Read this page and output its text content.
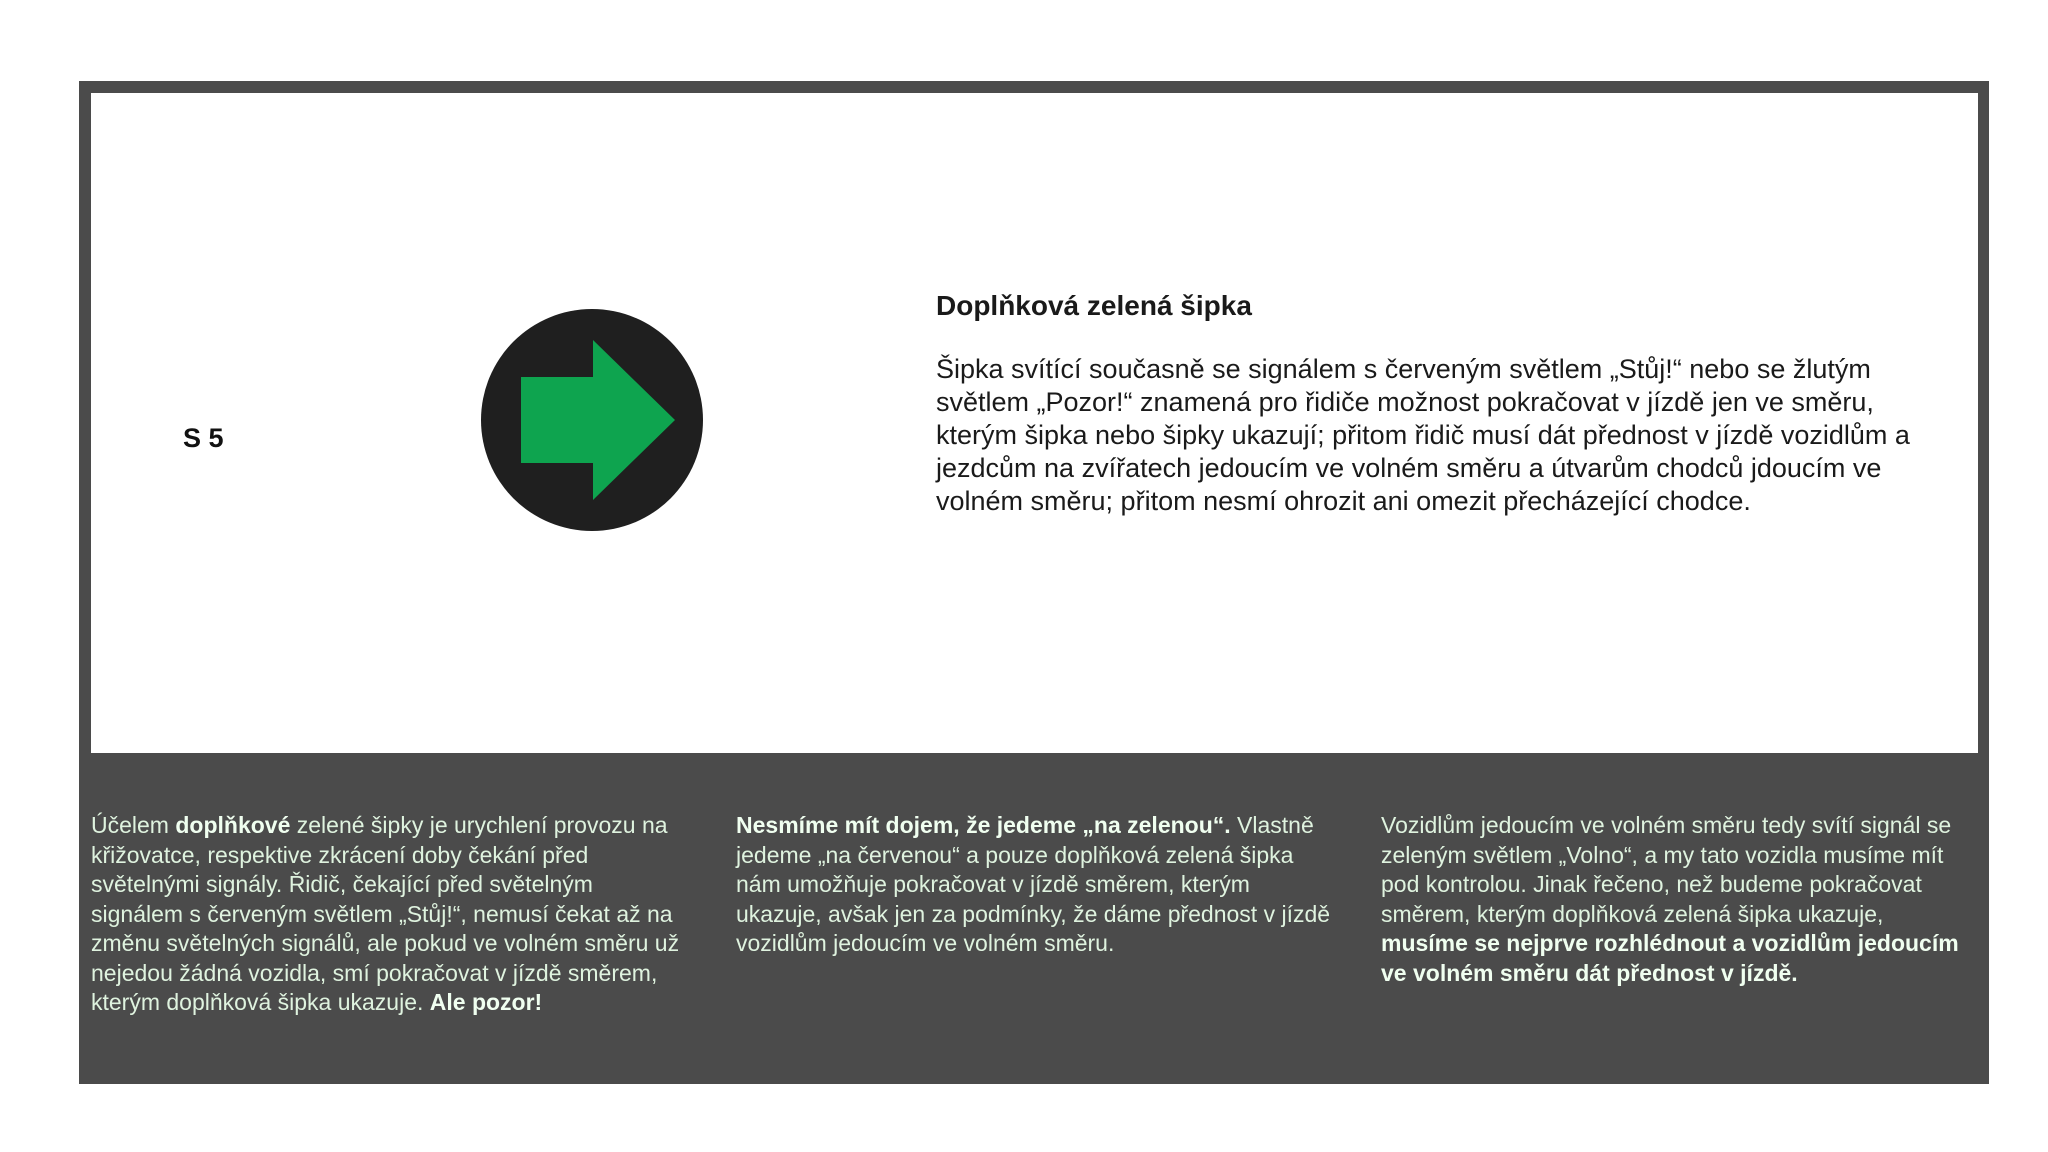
S 5
Doplňková zelená šipka

Šipka svítící současně se signálem s červeným světlem „Stůj!“ nebo se žlutým světlem „Pozor!“ znamená pro řidiče možnost pokračovat v jízdě jen ve směru, kterým šipka nebo šipky ukazují; přitom řidič musí dát přednost v jízdě vozidlům a jezdcům na zvířatech jedoucím ve volném směru a útvarům chodců jdoucím ve volném směru; přitom nesmí ohrozit ani omezit přecházející chodce.

Účelem doplňkové zelené šipky je urychlení provozu na křižovatce, respektive zkrácení doby čekání před světelnými signály. Řidič, čekající před světelným signálem s červeným světlem „Stůj!“, nemusí čekat až na změnu světelných signálů, ale pokud ve volném směru už nejedou žádná vozidla, smí pokračovat v jízdě směrem, kterým doplňková šipka ukazuje. Ale pozor!
Nesmíme mít dojem, že jedeme „na zelenou“. Vlastně jedeme „na červenou“ a pouze doplňková zelená šipka nám umožňuje pokračovat v jízdě směrem, kterým ukazuje, avšak jen za podmínky, že dáme přednost v jízdě vozidlům jedoucím ve volném směru.
Vozidlům jedoucím ve volném směru tedy svítí signál se zeleným světlem „Volno“, a my tato vozidla musíme mít pod kontrolou. Jinak řečeno, než budeme pokračovat směrem, kterým doplňková zelená šipka ukazuje, musíme se nejprve rozhlédnout a vozidlům jedoucím ve volném směru dát přednost v jízdě.
